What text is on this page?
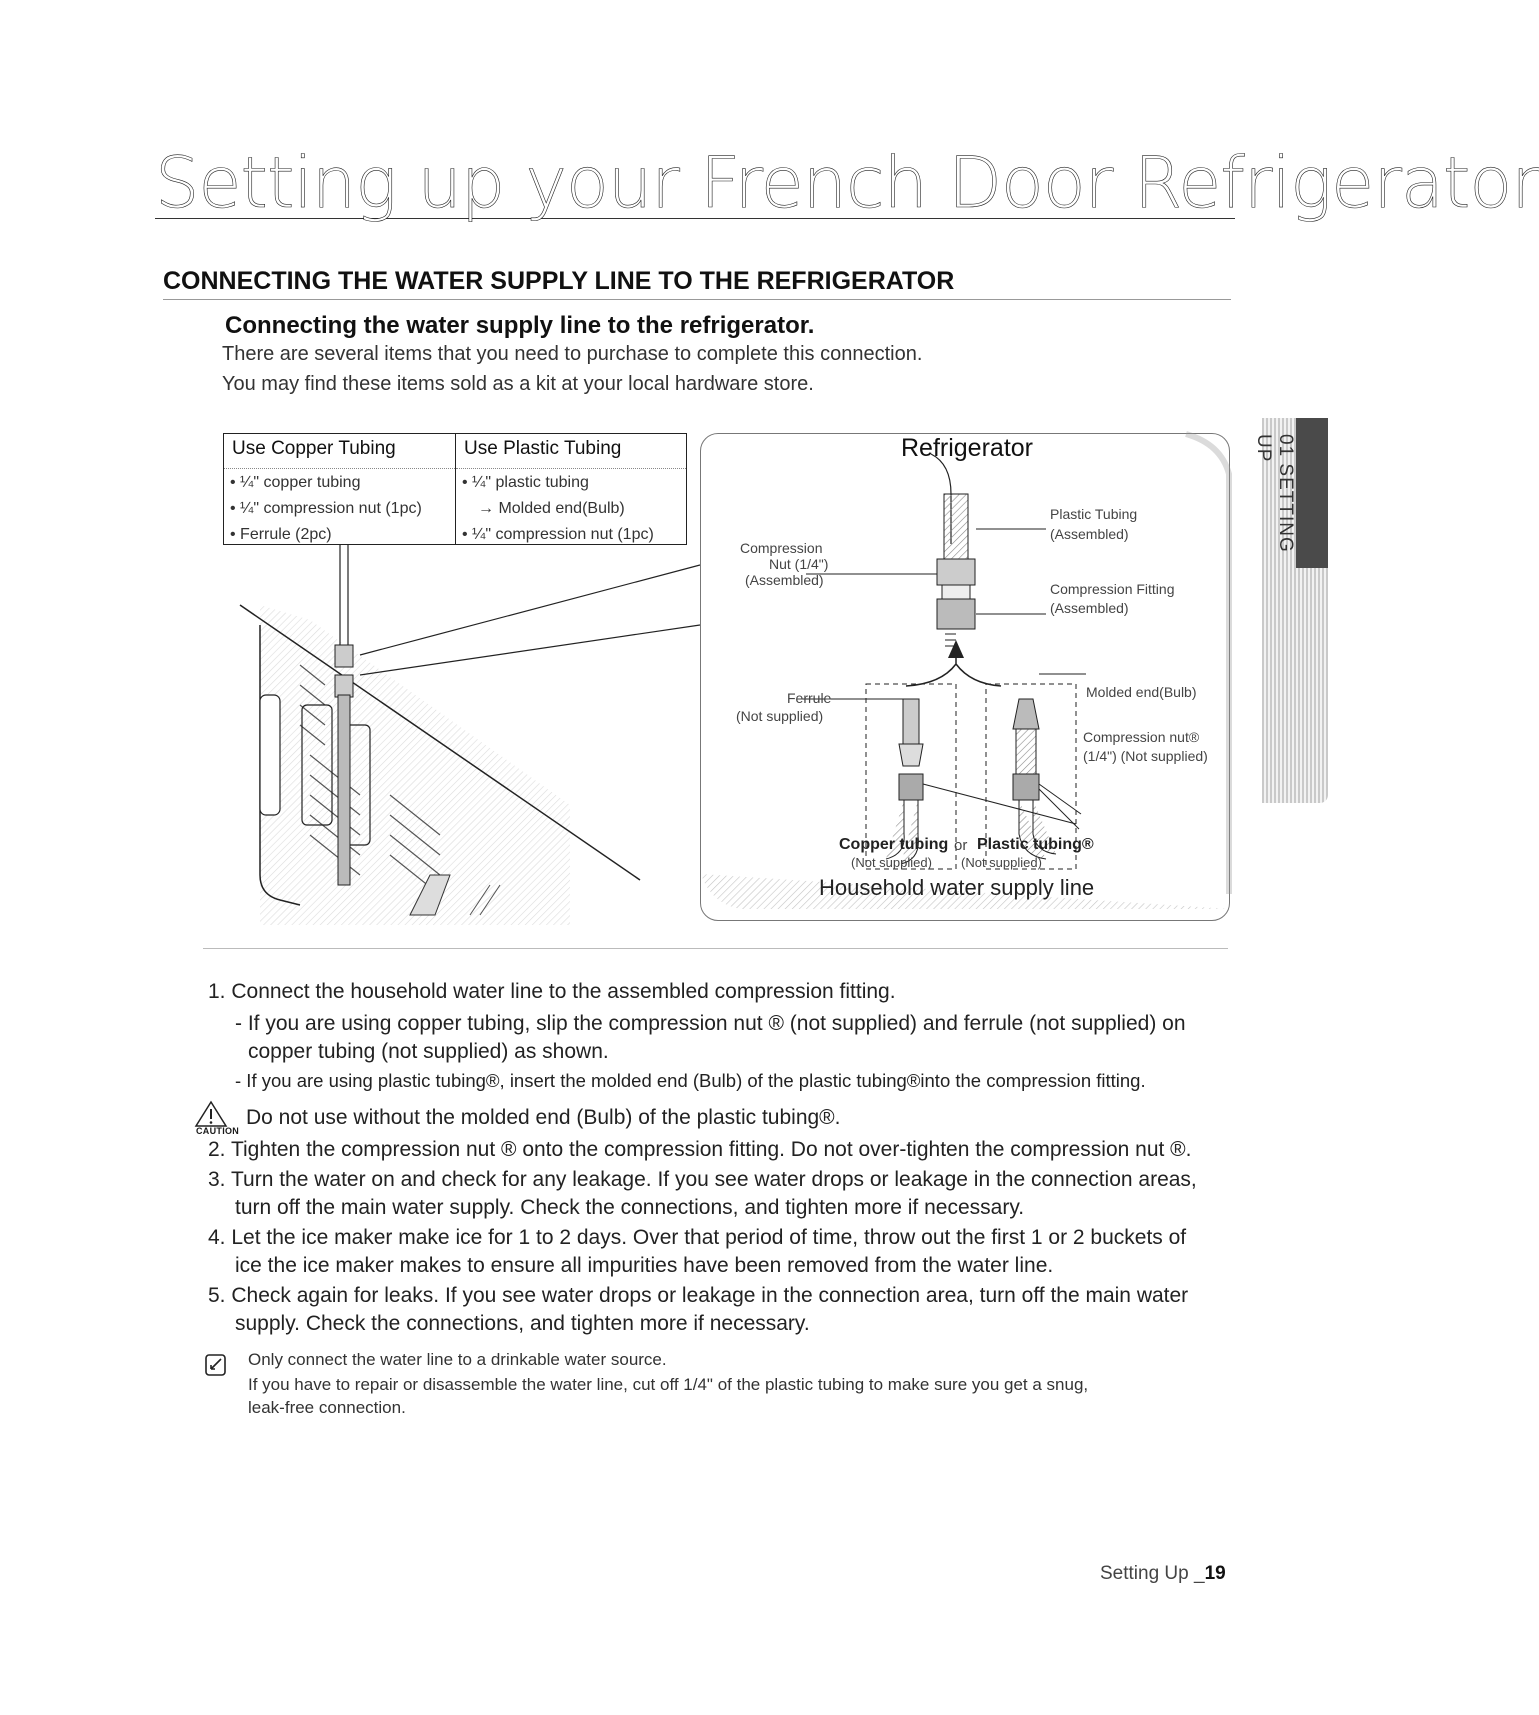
Setting up your French Door Refrigerator
CONNECTING THE WATER SUPPLY LINE TO THE REFRIGERATOR
Connecting the water supply line to the refrigerator.
There are several items that you need to purchase to complete this connection.
You may find these items sold as a kit at your local hardware store.
01 SETTING UP
Use Copper Tubing
• ¼" copper tubing
• ¼" compression nut (1pc)
• Ferrule (2pc)
Use Plastic Tubing
• ¼" plastic tubing
→ Molded end(Bulb)
• ¼" compression nut (1pc)
Refrigerator
Plastic Tubing
(Assembled)
Compression
Nut (1/4")
(Assembled)
Compression Fitting
(Assembled)
Ferrule
(Not supplied)
Molded end(Bulb)
Compression nut®
(1/4") (Not supplied)
Copper tubing or Plastic tubing®
(Not supplied) (Not supplied)
Household water supply line
1. Connect the household water line to the assembled compression fitting.
- If you are using copper tubing, slip the compression nut ® (not supplied) and ferrule (not supplied) on
copper tubing (not supplied) as shown.
- If you are using plastic tubing®, insert the molded end (Bulb) of the plastic tubing®into the compression fitting.
CAUTION
Do not use without the molded end (Bulb) of the plastic tubing®.
2. Tighten the compression nut ® onto the compression fitting. Do not over-tighten the compression nut ®.
3. Turn the water on and check for any leakage. If you see water drops or leakage in the connection areas,
turn off the main water supply. Check the connections, and tighten more if necessary.
4. Let the ice maker make ice for 1 to 2 days. Over that period of time, throw out the first 1 or 2 buckets of
ice the ice maker makes to ensure all impurities have been removed from the water line.
5. Check again for leaks. If you see water drops or leakage in the connection area, turn off the main water
supply. Check the connections, and tighten more if necessary.
Only connect the water line to a drinkable water source.
If you have to repair or disassemble the water line, cut off 1/4" of the plastic tubing to make sure you get a snug,
leak-free connection.
Setting Up _19
